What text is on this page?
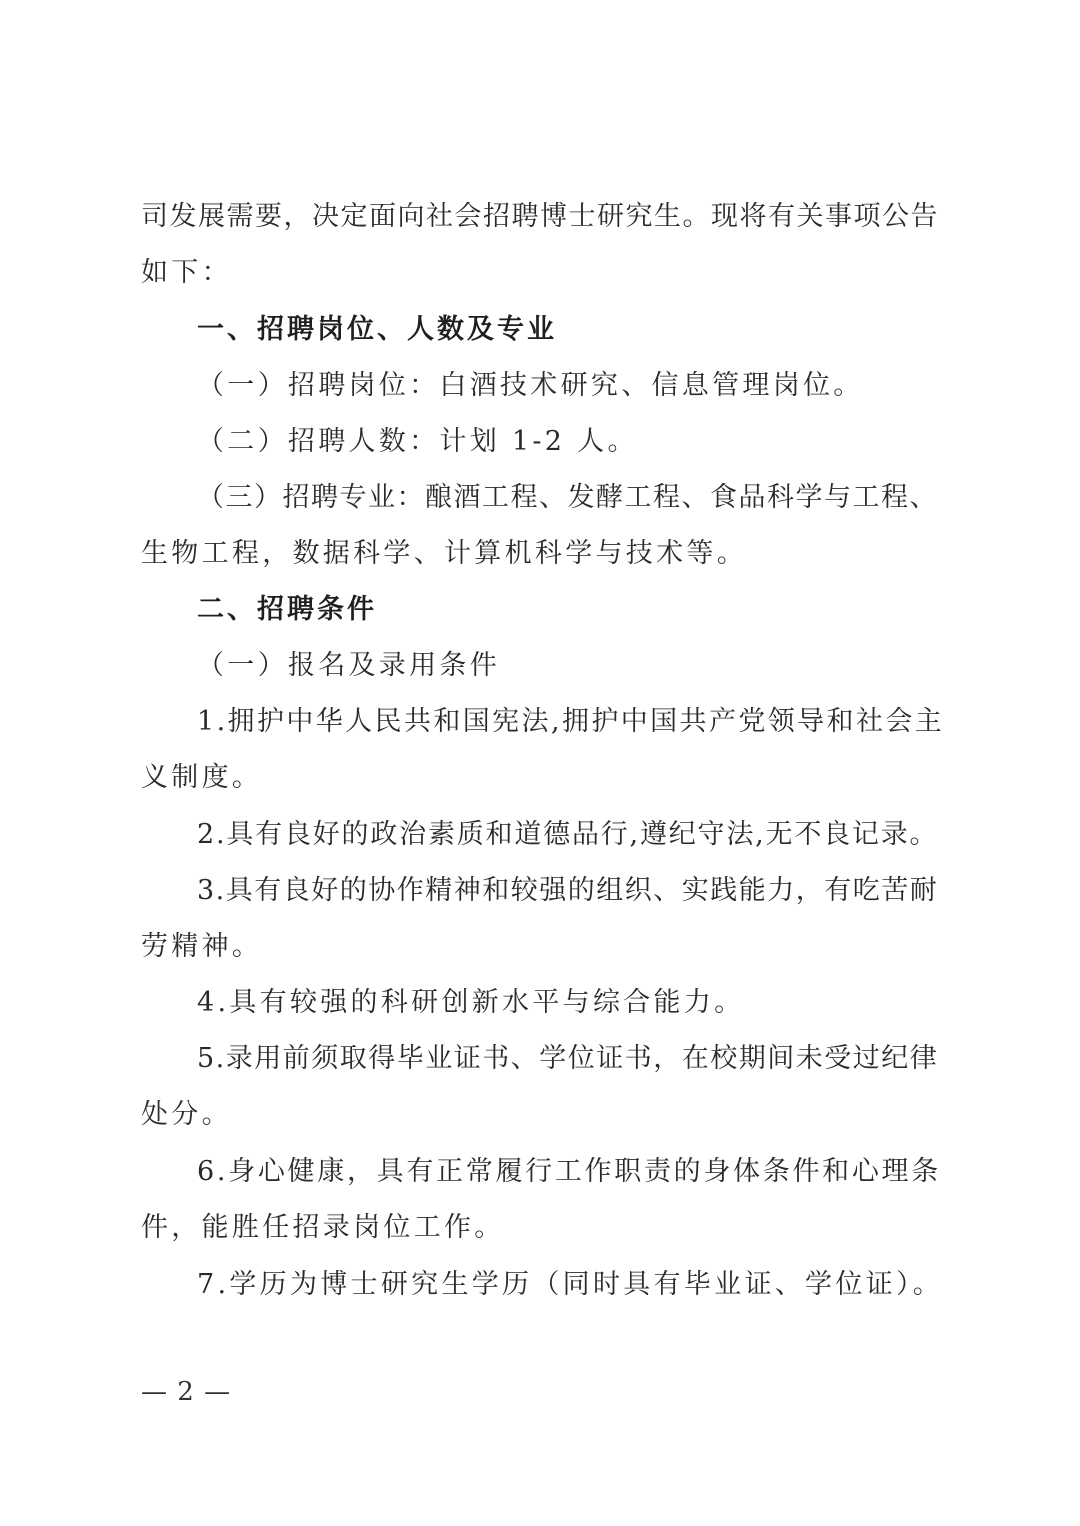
司发展需要，决定面向社会招聘博士研究生。现将有关事项公告

如下：

一、招聘岗位、人数及专业

（一）招聘岗位：白酒技术研究、信息管理岗位。

（二）招聘人数：计划 1-2 人。

（三）招聘专业：酿酒工程、发酵工程、食品科学与工程、

生物工程，数据科学、计算机科学与技术等。

二、招聘条件

（一）报名及录用条件

1.拥护中华人民共和国宪法,拥护中国共产党领导和社会主

义制度。

2.具有良好的政治素质和道德品行,遵纪守法,无不良记录。

3.具有良好的协作精神和较强的组织、实践能力，有吃苦耐

劳精神。

4.具有较强的科研创新水平与综合能力。

5.录用前须取得毕业证书、学位证书，在校期间未受过纪律

处分。

6.身心健康，具有正常履行工作职责的身体条件和心理条

件，能胜任招录岗位工作。

7.学历为博士研究生学历（同时具有毕业证、学位证）。

— 2 —
